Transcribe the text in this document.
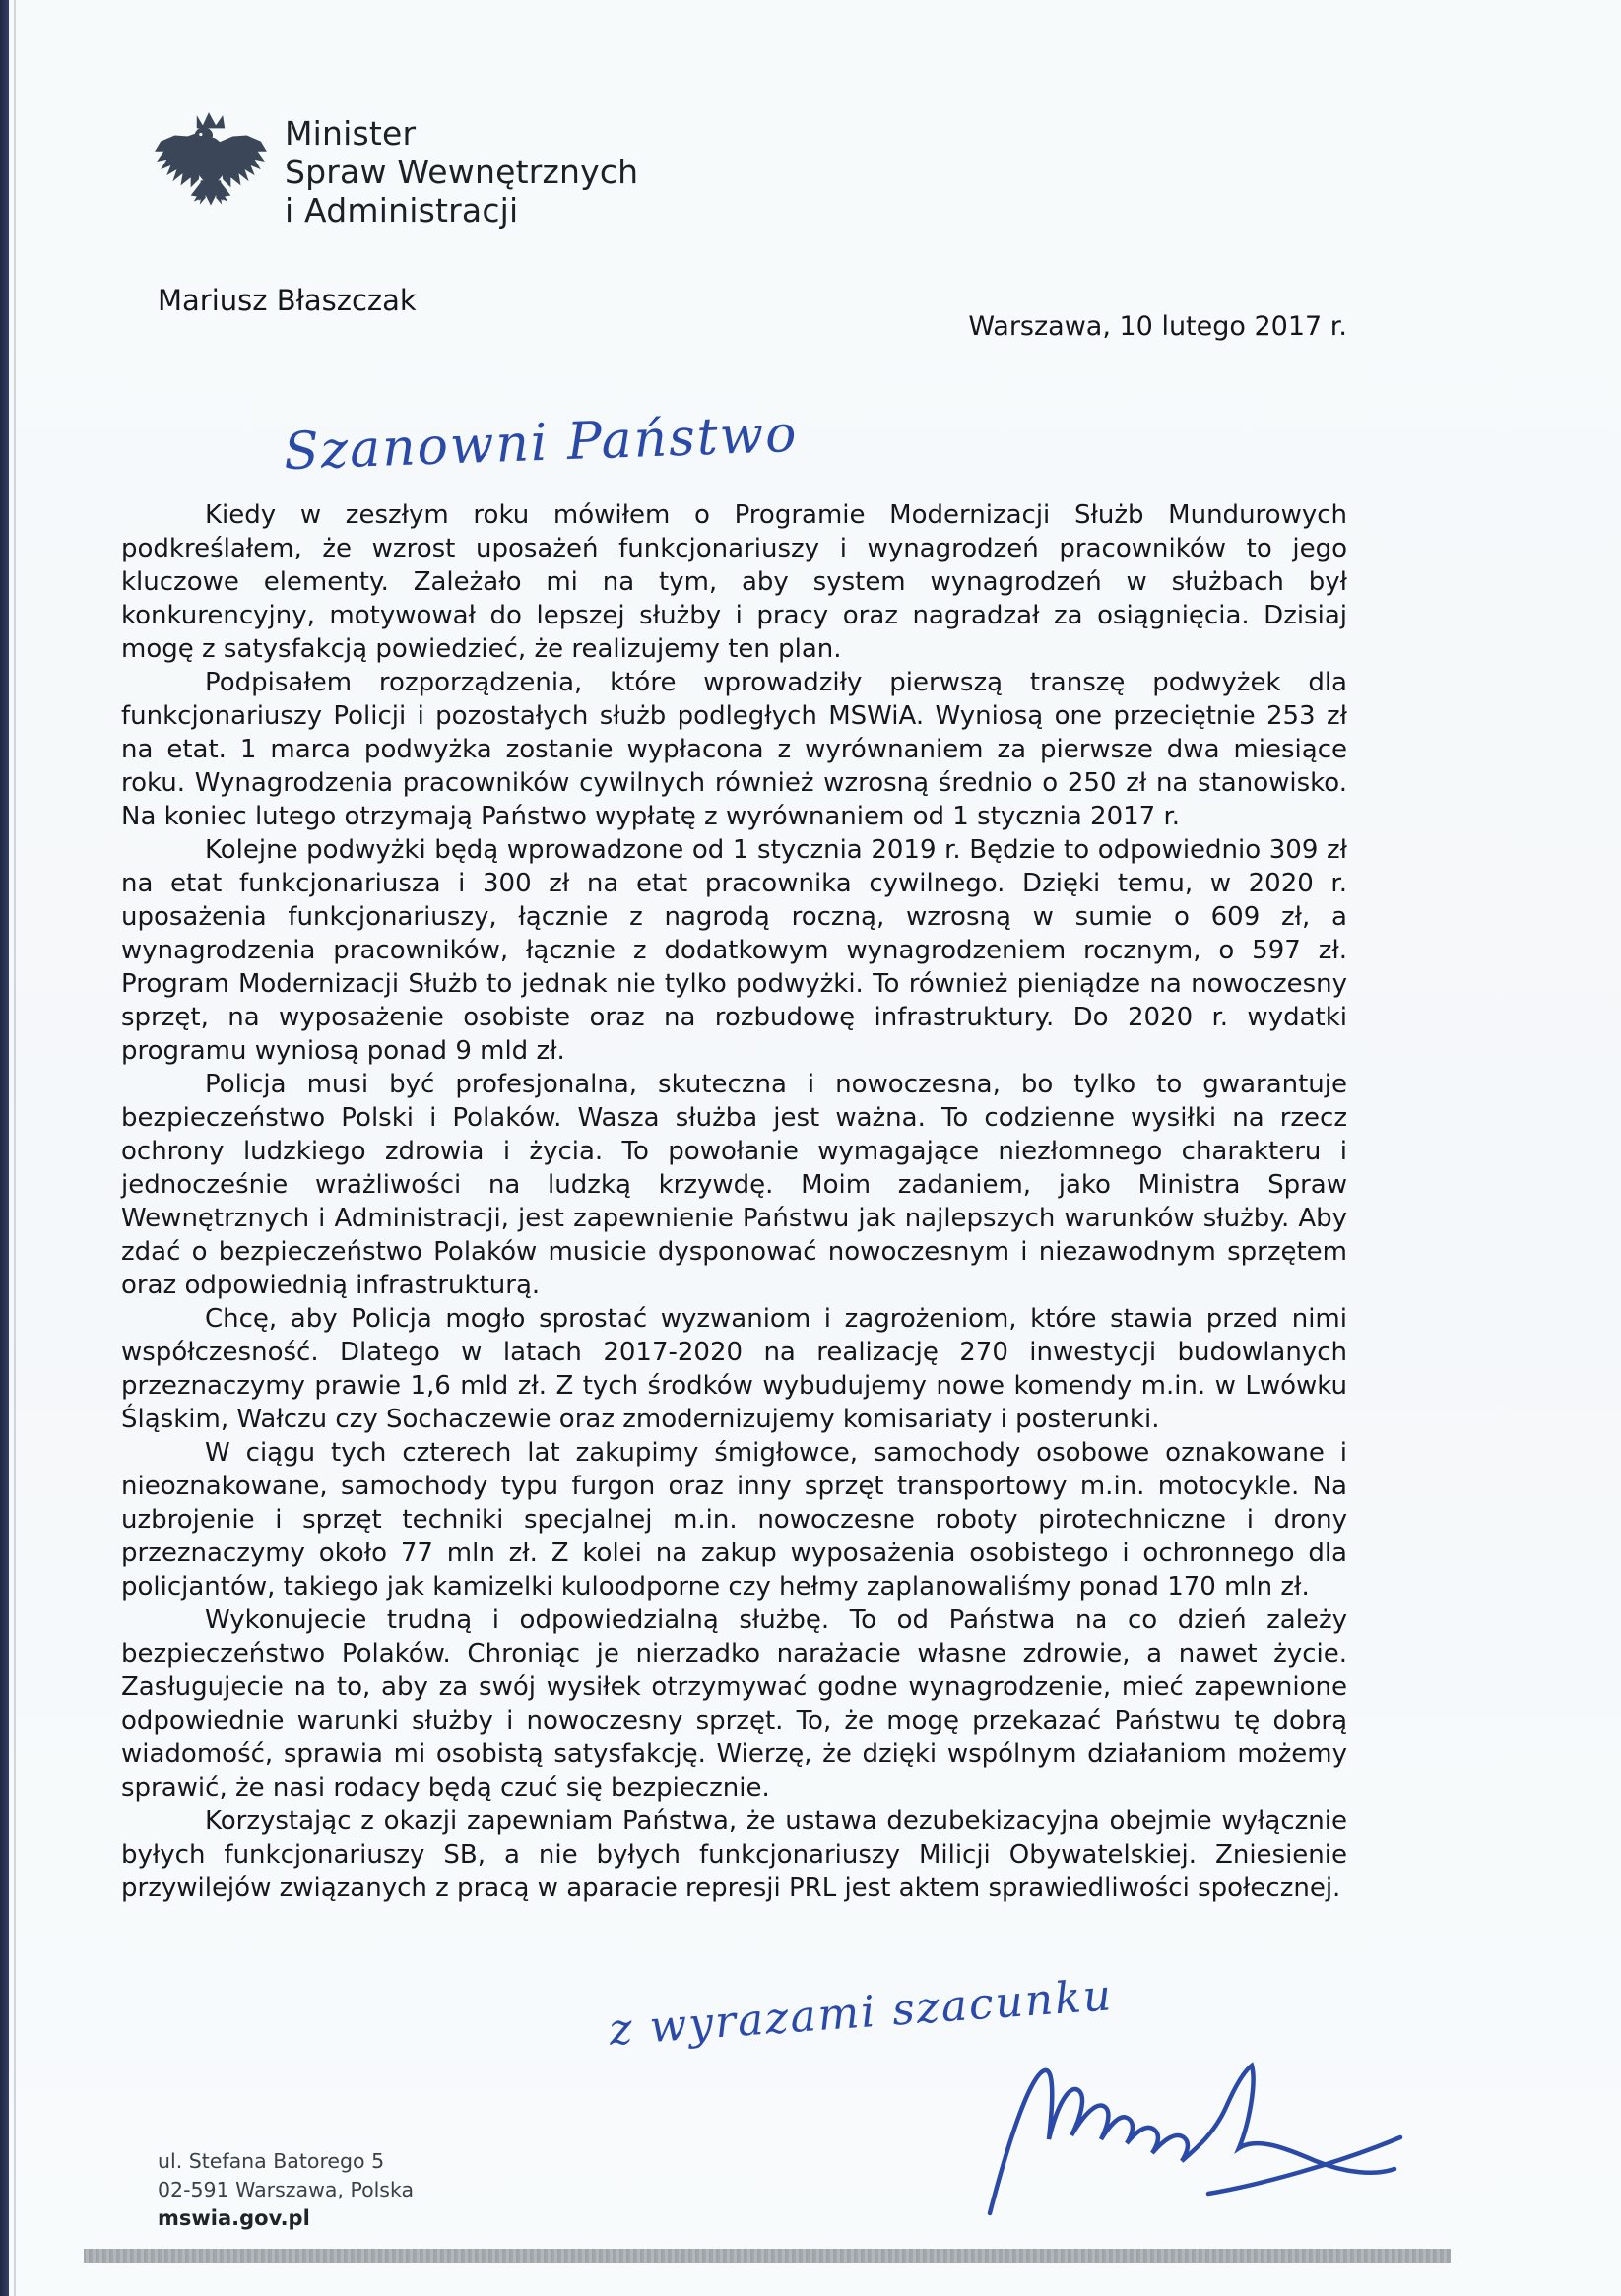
Minister
Spraw Wewnętrznych
i Administracji
Mariusz Błaszczak
Warszawa, 10 lutego 2017 r.
Szanowni Państwo

Kiedy w zeszłym roku mówiłem o Programie Modernizacji Służb Mundurowych podkreślałem, że wzrost uposażeń funkcjonariuszy i wynagrodzeń pracowników to jego kluczowe elementy. Zależało mi na tym, aby system wynagrodzeń w służbach był konkurencyjny, motywował do lepszej służby i pracy oraz nagradzał za osiągnięcia. Dzisiaj mogę z satysfakcją powiedzieć, że realizujemy ten plan.

Podpisałem rozporządzenia, które wprowadziły pierwszą transzę podwyżek dla funkcjonariuszy Policji i pozostałych służb podległych MSWiA. Wyniosą one przeciętnie 253 zł na etat. 1 marca podwyżka zostanie wypłacona z wyrównaniem za pierwsze dwa miesiące roku. Wynagrodzenia pracowników cywilnych również wzrosną średnio o 250 zł na stanowisko. Na koniec lutego otrzymają Państwo wypłatę z wyrównaniem od 1 stycznia 2017 r.

Kolejne podwyżki będą wprowadzone od 1 stycznia 2019 r. Będzie to odpowiednio 309 zł na etat funkcjonariusza i 300 zł na etat pracownika cywilnego. Dzięki temu, w 2020 r. uposażenia funkcjonariuszy, łącznie z nagrodą roczną, wzrosną w sumie o 609 zł, a wynagrodzenia pracowników, łącznie z dodatkowym wynagrodzeniem rocznym, o 597 zł. Program Modernizacji Służb to jednak nie tylko podwyżki. To również pieniądze na nowoczesny sprzęt, na wyposażenie osobiste oraz na rozbudowę infrastruktury. Do 2020 r. wydatki programu wyniosą ponad 9 mld zł.

Policja musi być profesjonalna, skuteczna i nowoczesna, bo tylko to gwarantuje bezpieczeństwo Polski i Polaków. Wasza służba jest ważna. To codzienne wysiłki na rzecz ochrony ludzkiego zdrowia i życia. To powołanie wymagające niezłomnego charakteru i jednocześnie wrażliwości na ludzką krzywdę. Moim zadaniem, jako Ministra Spraw Wewnętrznych i Administracji, jest zapewnienie Państwu jak najlepszych warunków służby. Aby zdać o bezpieczeństwo Polaków musicie dysponować nowoczesnym i niezawodnym sprzętem oraz odpowiednią infrastrukturą.

Chcę, aby Policja mogło sprostać wyzwaniom i zagrożeniom, które stawia przed nimi współczesność. Dlatego w latach 2017-2020 na realizację 270 inwestycji budowlanych przeznaczymy prawie 1,6 mld zł. Z tych środków wybudujemy nowe komendy m.in. w Lwówku Śląskim, Wałczu czy Sochaczewie oraz zmodernizujemy komisariaty i posterunki.

W ciągu tych czterech lat zakupimy śmigłowce, samochody osobowe oznakowane i nieoznakowane, samochody typu furgon oraz inny sprzęt transportowy m.in. motocykle. Na uzbrojenie i sprzęt techniki specjalnej m.in. nowoczesne roboty pirotechniczne i drony przeznaczymy około 77 mln zł. Z kolei na zakup wyposażenia osobistego i ochronnego dla policjantów, takiego jak kamizelki kuloodporne czy hełmy zaplanowaliśmy ponad 170 mln zł.

Wykonujecie trudną i odpowiedzialną służbę. To od Państwa na co dzień zależy bezpieczeństwo Polaków. Chroniąc je nierzadko narażacie własne zdrowie, a nawet życie. Zasługujecie na to, aby za swój wysiłek otrzymywać godne wynagrodzenie, mieć zapewnione odpowiednie warunki służby i nowoczesny sprzęt. To, że mogę przekazać Państwu tę dobrą wiadomość, sprawia mi osobistą satysfakcję. Wierzę, że dzięki wspólnym działaniom możemy sprawić, że nasi rodacy będą czuć się bezpiecznie.

Korzystając z okazji zapewniam Państwa, że ustawa dezubekizacyjna obejmie wyłącznie byłych funkcjonariuszy SB, a nie byłych funkcjonariuszy Milicji Obywatelskiej. Zniesienie przywilejów związanych z pracą w aparacie represji PRL jest aktem sprawiedliwości społecznej.

z wyrazami szacunku
ul. Stefana Batorego 5
02-591 Warszawa, Polska
mswia.gov.pl
